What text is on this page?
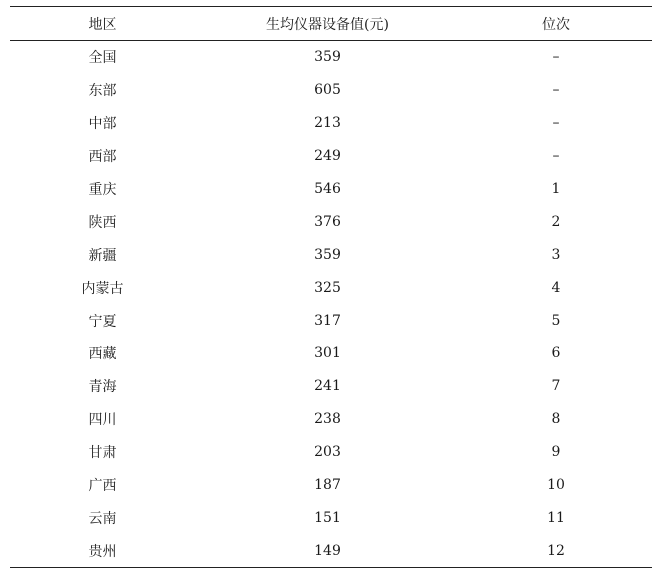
地区	生均仪器设备值(元)	位次
全国	359	–
东部	605	–
中部	213	–
西部	249	–
重庆	546	1
陕西	376	2
新疆	359	3
内蒙古	325	4
宁夏	317	5
西藏	301	6
青海	241	7
四川	238	8
甘肃	203	9
广西	187	10
云南	151	11
贵州	149	12
